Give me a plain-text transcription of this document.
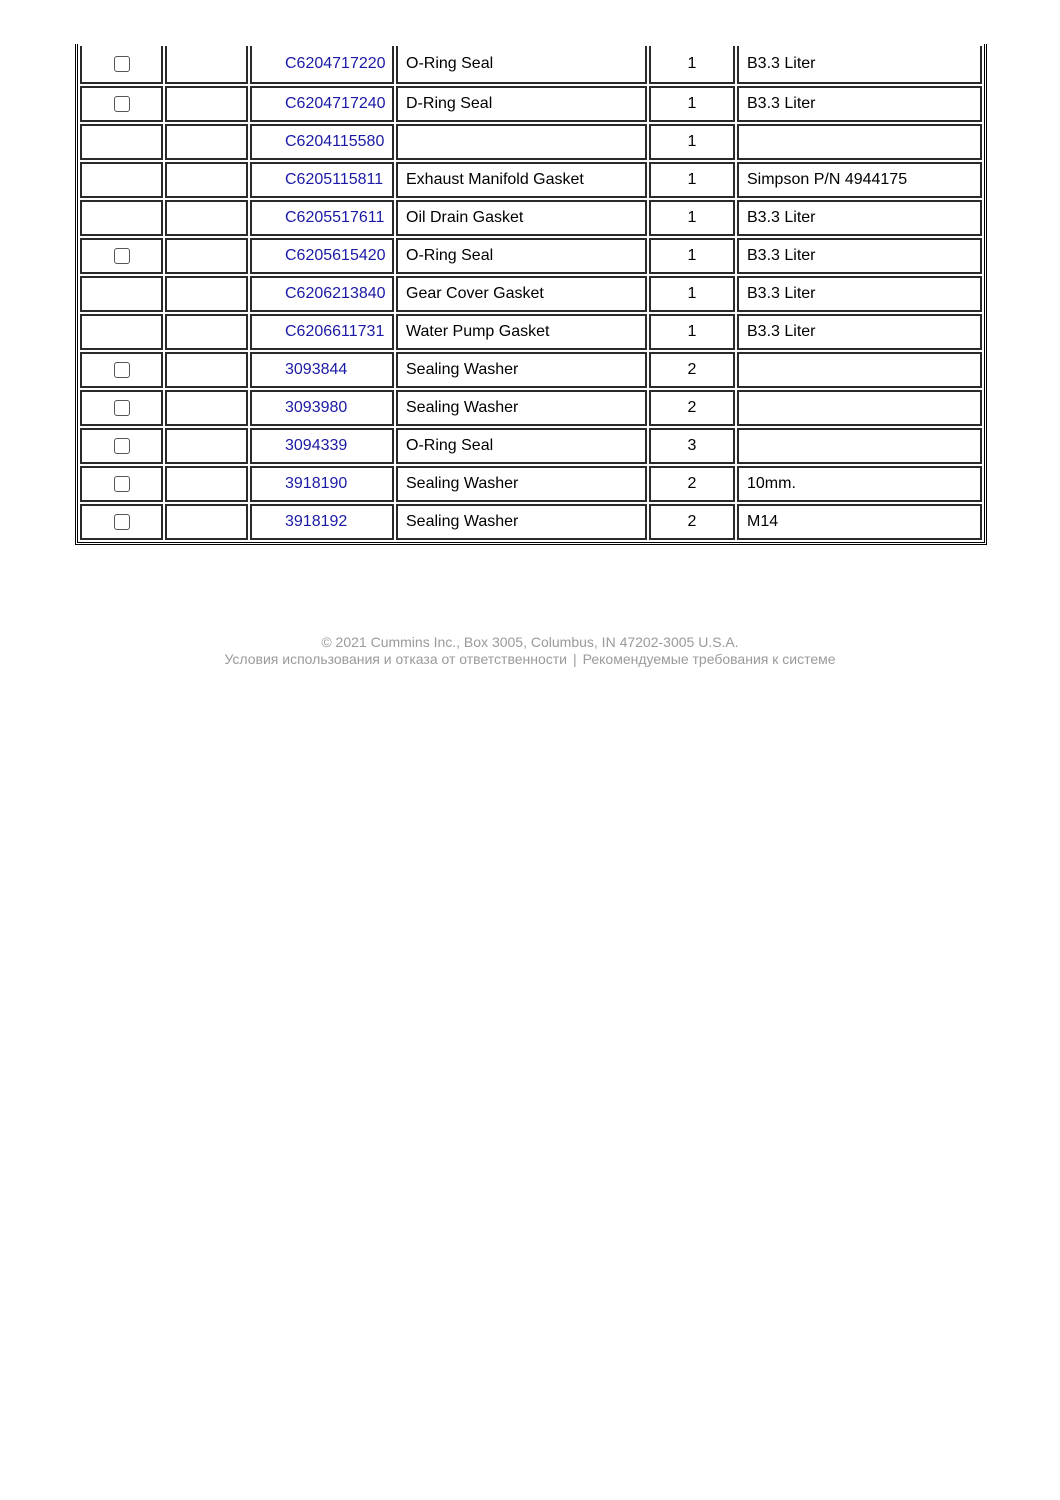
		C6204717220	O-Ring Seal	1	B3.3 Liter
		C6204717240	D-Ring Seal	1	B3.3 Liter
		C6204115580		1	
		C6205115811	Exhaust Manifold Gasket	1	Simpson P/N 4944175
		C6205517611	Oil Drain Gasket	1	B3.3 Liter
		C6205615420	O-Ring Seal	1	B3.3 Liter
		C6206213840	Gear Cover Gasket	1	B3.3 Liter
		C6206611731	Water Pump Gasket	1	B3.3 Liter
		3093844	Sealing Washer	2	
		3093980	Sealing Washer	2	
		3094339	O-Ring Seal	3	
		3918190	Sealing Washer	2	10mm.
		3918192	Sealing Washer	2	M14
© 2021 Cummins Inc., Box 3005, Columbus, IN 47202-3005 U.S.A.
Условия использования и отказа от ответственности | Рекомендуемые требования к системе
